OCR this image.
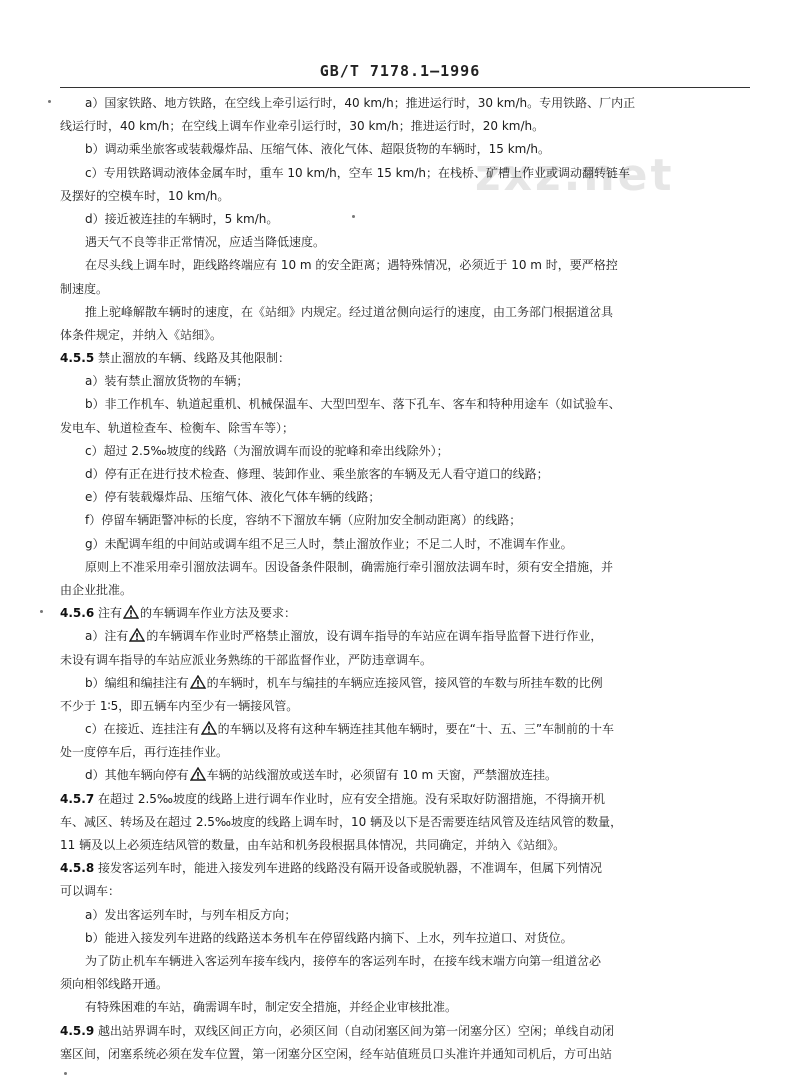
GB/T 7178.1—1996
zxz.net
a）国家铁路、地方铁路，在空线上牵引运行时，40 km/h；推进运行时，30 km/h。专用铁路、厂内正
线运行时，40 km/h；在空线上调车作业牵引运行时，30 km/h；推进运行时，20 km/h。
b）调动乘坐旅客或装载爆炸品、压缩气体、液化气体、超限货物的车辆时，15 km/h。
c）专用铁路调动液体金属车时，重车 10 km/h，空车 15 km/h；在栈桥、矿槽上作业或调动翻转链车
及摆好的空模车时，10 km/h。
d）接近被连挂的车辆时，5 km/h。
遇天气不良等非正常情况，应适当降低速度。
在尽头线上调车时，距线路终端应有 10 m 的安全距离；遇特殊情况，必须近于 10 m 时，要严格控
制速度。
推上驼峰解散车辆时的速度，在《站细》内规定。经过道岔侧向运行的速度，由工务部门根据道岔具
体条件规定，并纳入《站细》。
4.5.5 禁止溜放的车辆、线路及其他限制：
a）装有禁止溜放货物的车辆；
b）非工作机车、轨道起重机、机械保温车、大型凹型车、落下孔车、客车和特种用途车（如试验车、
发电车、轨道检查车、检衡车、除雪车等）；
c）超过 2.5‰坡度的线路（为溜放调车而设的驼峰和牵出线除外）；
d）停有正在进行技术检查、修理、装卸作业、乘坐旅客的车辆及无人看守道口的线路；
e）停有装载爆炸品、压缩气体、液化气体车辆的线路；
f）停留车辆距警冲标的长度，容纳不下溜放车辆（应附加安全制动距离）的线路；
g）未配调车组的中间站或调车组不足三人时，禁止溜放作业；不足二人时，不准调车作业。
原则上不准采用牵引溜放法调车。因设备条件限制，确需施行牵引溜放法调车时，须有安全措施，并
由企业批准。
4.5.6 注有 的车辆调车作业方法及要求：
a）注有 的车辆调车作业时严格禁止溜放，设有调车指导的车站应在调车指导监督下进行作业，
未设有调车指导的车站应派业务熟练的干部监督作业，严防违章调车。
b）编组和编挂注有 的车辆时，机车与编挂的车辆应连接风管，接风管的车数与所挂车数的比例
不少于 1∶5，即五辆车内至少有一辆接风管。
c）在接近、连挂注有 的车辆以及将有这种车辆连挂其他车辆时，要在“十、五、三”车制前的十车
处一度停车后，再行连挂作业。
d）其他车辆向停有 车辆的站线溜放或送车时，必须留有 10 m 天窗，严禁溜放连挂。
4.5.7 在超过 2.5‰坡度的线路上进行调车作业时，应有安全措施。没有采取好防溜措施，不得摘开机
车、减区、转场及在超过 2.5‰坡度的线路上调车时，10 辆及以下是否需要连结风管及连结风管的数量，
11 辆及以上必须连结风管的数量，由车站和机务段根据具体情况，共同确定，并纳入《站细》。
4.5.8 接发客运列车时，能进入接发列车进路的线路没有隔开设备或脱轨器，不准调车，但属下列情况
可以调车：
a）发出客运列车时，与列车相反方向；
b）能进入接发列车进路的线路送本务机车在停留线路内摘下、上水，列车拉道口、对货位。
为了防止机车车辆进入客运列车接车线内，接停车的客运列车时，在接车线末端方向第一组道岔必
须向相邻线路开通。
有特殊困难的车站，确需调车时，制定安全措施，并经企业审核批准。
4.5.9 越出站界调车时，双线区间正方向，必须区间（自动闭塞区间为第一闭塞分区）空闲；单线自动闭
塞区间，闭塞系统必须在发车位置，第一闭塞分区空闲，经车站值班员口头准许并通知司机后，方可出站
